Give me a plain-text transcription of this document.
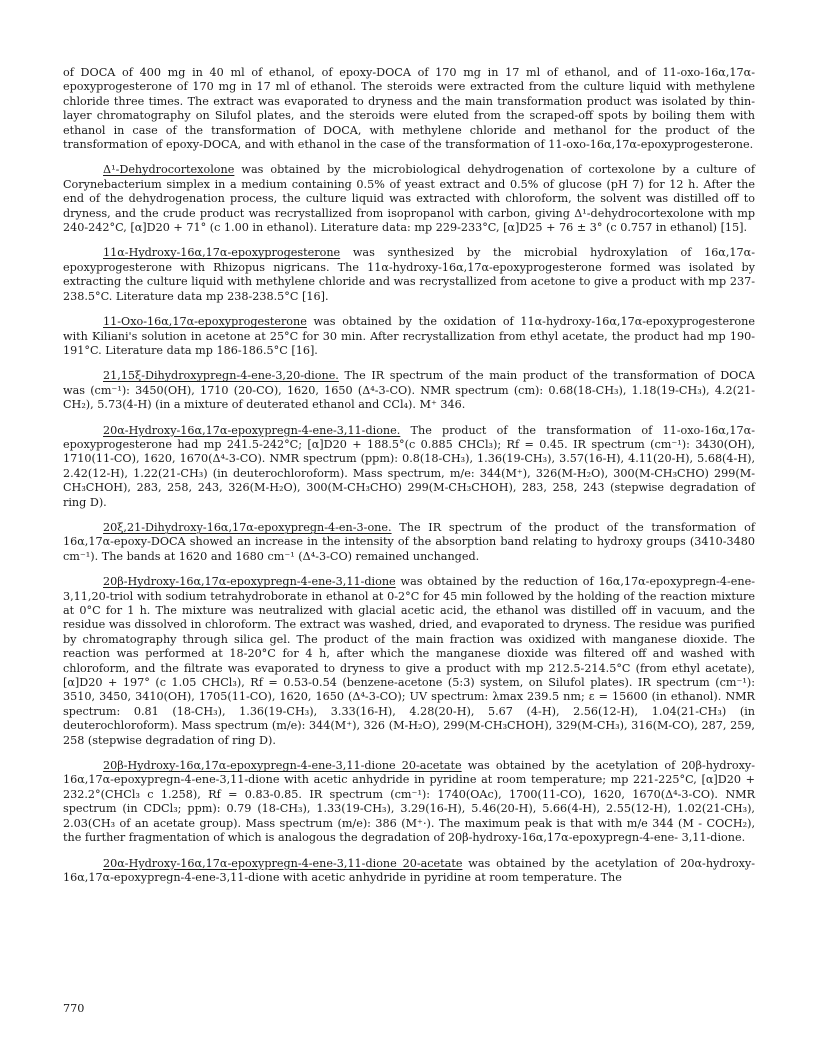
of DOCA of 400 mg in 40 ml of ethanol, of epoxy-DOCA of 170 mg in 17 ml of ethanol, and of 11-oxo-16α,17α-epoxyprogesterone of 170 mg in 17 ml of ethanol. The steroids were extracted from the culture liquid with methylene chloride three times. The extract was evaporated to dryness and the main transformation product was isolated by thin-layer chromatography on Silufol plates, and the steroids were eluted from the scraped-off spots by boiling them with ethanol in case of the transformation of DOCA, with methylene chloride and methanol for the product of the transformation of epoxy-DOCA, and with ethanol in the case of the transformation of 11-oxo-16α,17α-epoxyprogesterone.

Δ¹-Dehydrocortexolone was obtained by the microbiological dehydrogenation of cortexolone by a culture of Corynebacterium simplex in a medium containing 0.5% of yeast extract and 0.5% of glucose (pH 7) for 12 h. After the end of the dehydrogenation process, the culture liquid was extracted with chloroform, the solvent was distilled off to dryness, and the crude product was recrystallized from isopropanol with carbon, giving Δ¹-dehydrocortexolone with mp 240-242°C, [α]D20 + 71° (c 1.00 in ethanol). Literature data: mp 229-233°C, [α]D25 + 76 ± 3° (c 0.757 in ethanol) [15].

11α-Hydroxy-16α,17α-epoxyprogesterone was synthesized by the microbial hydroxylation of 16α,17α-epoxyprogesterone with Rhizopus nigricans. The 11α-hydroxy-16α,17α-epoxyprogesterone formed was isolated by extracting the culture liquid with methylene chloride and was recrystallized from acetone to give a product with mp 237-238.5°C. Literature data mp 238-238.5°C [16].

11-Oxo-16α,17α-epoxyprogesterone was obtained by the oxidation of 11α-hydroxy-16α,17α-epoxyprogesterone with Kiliani's solution in acetone at 25°C for 30 min. After recrystallization from ethyl acetate, the product had mp 190-191°C. Literature data mp 186-186.5°C [16].

21,15ξ-Dihydroxypregn-4-ene-3,20-dione. The IR spectrum of the main product of the transformation of DOCA was (cm⁻¹): 3450(OH), 1710 (20-CO), 1620, 1650 (Δ⁴-3-CO). NMR spectrum (cm): 0.68(18-CH₃), 1.18(19-CH₃), 4.2(21-CH₂), 5.73(4-H) (in a mixture of deuterated ethanol and CCl₄). M⁺ 346.

20α-Hydroxy-16α,17α-epoxypregn-4-ene-3,11-dione. The product of the transformation of 11-oxo-16α,17α-epoxyprogesterone had mp 241.5-242°C; [α]D20 + 188.5°(c 0.885 CHCl₃); Rf = 0.45. IR spectrum (cm⁻¹): 3430(OH), 1710(11-CO), 1620, 1670(Δ⁴-3-CO). NMR spectrum (ppm): 0.8(18-CH₃), 1.36(19-CH₃), 3.57(16-H), 4.11(20-H), 5.68(4-H), 2.42(12-H), 1.22(21-CH₃) (in deuterochloroform). Mass spectrum, m/e: 344(M⁺), 326(M-H₂O), 300(M-CH₃CHO) 299(M-CH₃CHOH), 283, 258, 243, 326(M-H₂O), 300(M-CH₃CHO) 299(M-CH₃CHOH), 283, 258, 243 (stepwise degradation of ring D).

20ξ,21-Dihydroxy-16α,17α-epoxypregn-4-en-3-one. The IR spectrum of the product of the transformation of 16α,17α-epoxy-DOCA showed an increase in the intensity of the absorption band relating to hydroxy groups (3410-3480 cm⁻¹). The bands at 1620 and 1680 cm⁻¹ (Δ⁴-3-CO) remained unchanged.

20β-Hydroxy-16α,17α-epoxypregn-4-ene-3,11-dione was obtained by the reduction of 16α,17α-epoxypregn-4-ene-3,11,20-triol with sodium tetrahydroborate in ethanol at 0-2°C for 45 min followed by the holding of the reaction mixture at 0°C for 1 h. The mixture was neutralized with glacial acetic acid, the ethanol was distilled off in vacuum, and the residue was dissolved in chloroform. The extract was washed, dried, and evaporated to dryness. The residue was purified by chromatography through silica gel. The product of the main fraction was oxidized with manganese dioxide. The reaction was performed at 18-20°C for 4 h, after which the manganese dioxide was filtered off and washed with chloroform, and the filtrate was evaporated to dryness to give a product with mp 212.5-214.5°C (from ethyl acetate), [α]D20 + 197° (c 1.05 CHCl₃), Rf = 0.53-0.54 (benzene-acetone (5:3) system, on Silufol plates). IR spectrum (cm⁻¹): 3510, 3450, 3410(OH), 1705(11-CO), 1620, 1650 (Δ⁴-3-CO); UV spectrum: λmax 239.5 nm; ε = 15600 (in ethanol). NMR spectrum: 0.81 (18-CH₃), 1.36(19-CH₃), 3.33(16-H), 4.28(20-H), 5.67 (4-H), 2.56(12-H), 1.04(21-CH₃) (in deuterochloroform). Mass spectrum (m/e): 344(M⁺), 326 (M-H₂O), 299(M-CH₃CHOH), 329(M-CH₃), 316(M-CO), 287, 259, 258 (stepwise degradation of ring D).

20β-Hydroxy-16α,17α-epoxypregn-4-ene-3,11-dione 20-acetate was obtained by the acetylation of 20β-hydroxy-16α,17α-epoxypregn-4-ene-3,11-dione with acetic anhydride in pyridine at room temperature; mp 221-225°C, [α]D20 + 232.2°(CHCl₃ c 1.258), Rf = 0.83-0.85. IR spectrum (cm⁻¹): 1740(OAc), 1700(11-CO), 1620, 1670(Δ⁴-3-CO). NMR spectrum (in CDCl₃; ppm): 0.79 (18-CH₃), 1.33(19-CH₃), 3.29(16-H), 5.46(20-H), 5.66(4-H), 2.55(12-H), 1.02(21-CH₃), 2.03(CH₃ of an acetate group). Mass spectrum (m/e): 386 (M⁺·). The maximum peak is that with m/e 344 (M - COCH₂), the further fragmentation of which is analogous the degradation of 20β-hydroxy-16α,17α-epoxypregn-4-ene- 3,11-dione.

20α-Hydroxy-16α,17α-epoxypregn-4-ene-3,11-dione 20-acetate was obtained by the acetylation of 20α-hydroxy-16α,17α-epoxypregn-4-ene-3,11-dione with acetic anhydride in pyridine at room temperature. The

770
